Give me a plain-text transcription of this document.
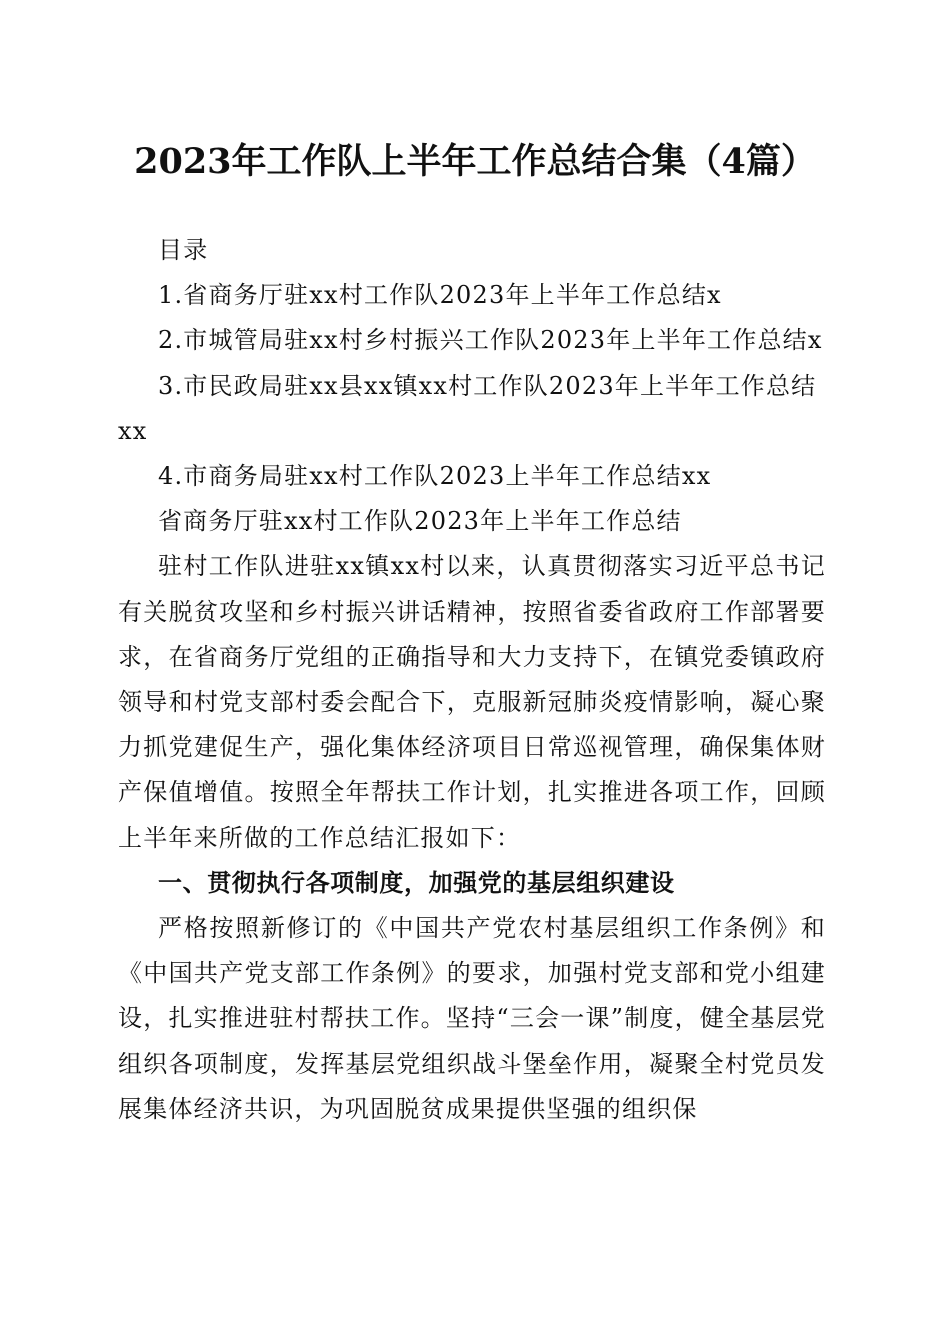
2023年工作队上半年工作总结合集（4篇）

目录

1.省商务厅驻xx村工作队2023年上半年工作总结x

2.市城管局驻xx村乡村振兴工作队2023年上半年工作总结x

3.市民政局驻xx县xx镇xx村工作队2023年上半年工作总结xx

4.市商务局驻xx村工作队2023上半年工作总结xx

省商务厅驻xx村工作队2023年上半年工作总结

驻村工作队进驻xx镇xx村以来，认真贯彻落实习近平总书记有关脱贫攻坚和乡村振兴讲话精神，按照省委省政府工作部署要求，在省商务厅党组的正确指导和大力支持下，在镇党委镇政府领导和村党支部村委会配合下，克服新冠肺炎疫情影响，凝心聚力抓党建促生产，强化集体经济项目日常巡视管理，确保集体财产保值增值。按照全年帮扶工作计划，扎实推进各项工作，回顾上半年来所做的工作总结汇报如下：

一、贯彻执行各项制度，加强党的基层组织建设

严格按照新修订的《中国共产党农村基层组织工作条例》和《中国共产党支部工作条例》的要求，加强村党支部和党小组建设，扎实推进驻村帮扶工作。坚持“三会一课”制度，健全基层党组织各项制度，发挥基层党组织战斗堡垒作用，凝聚全村党员发展集体经济共识，为巩固脱贫成果提供坚强的组织保
